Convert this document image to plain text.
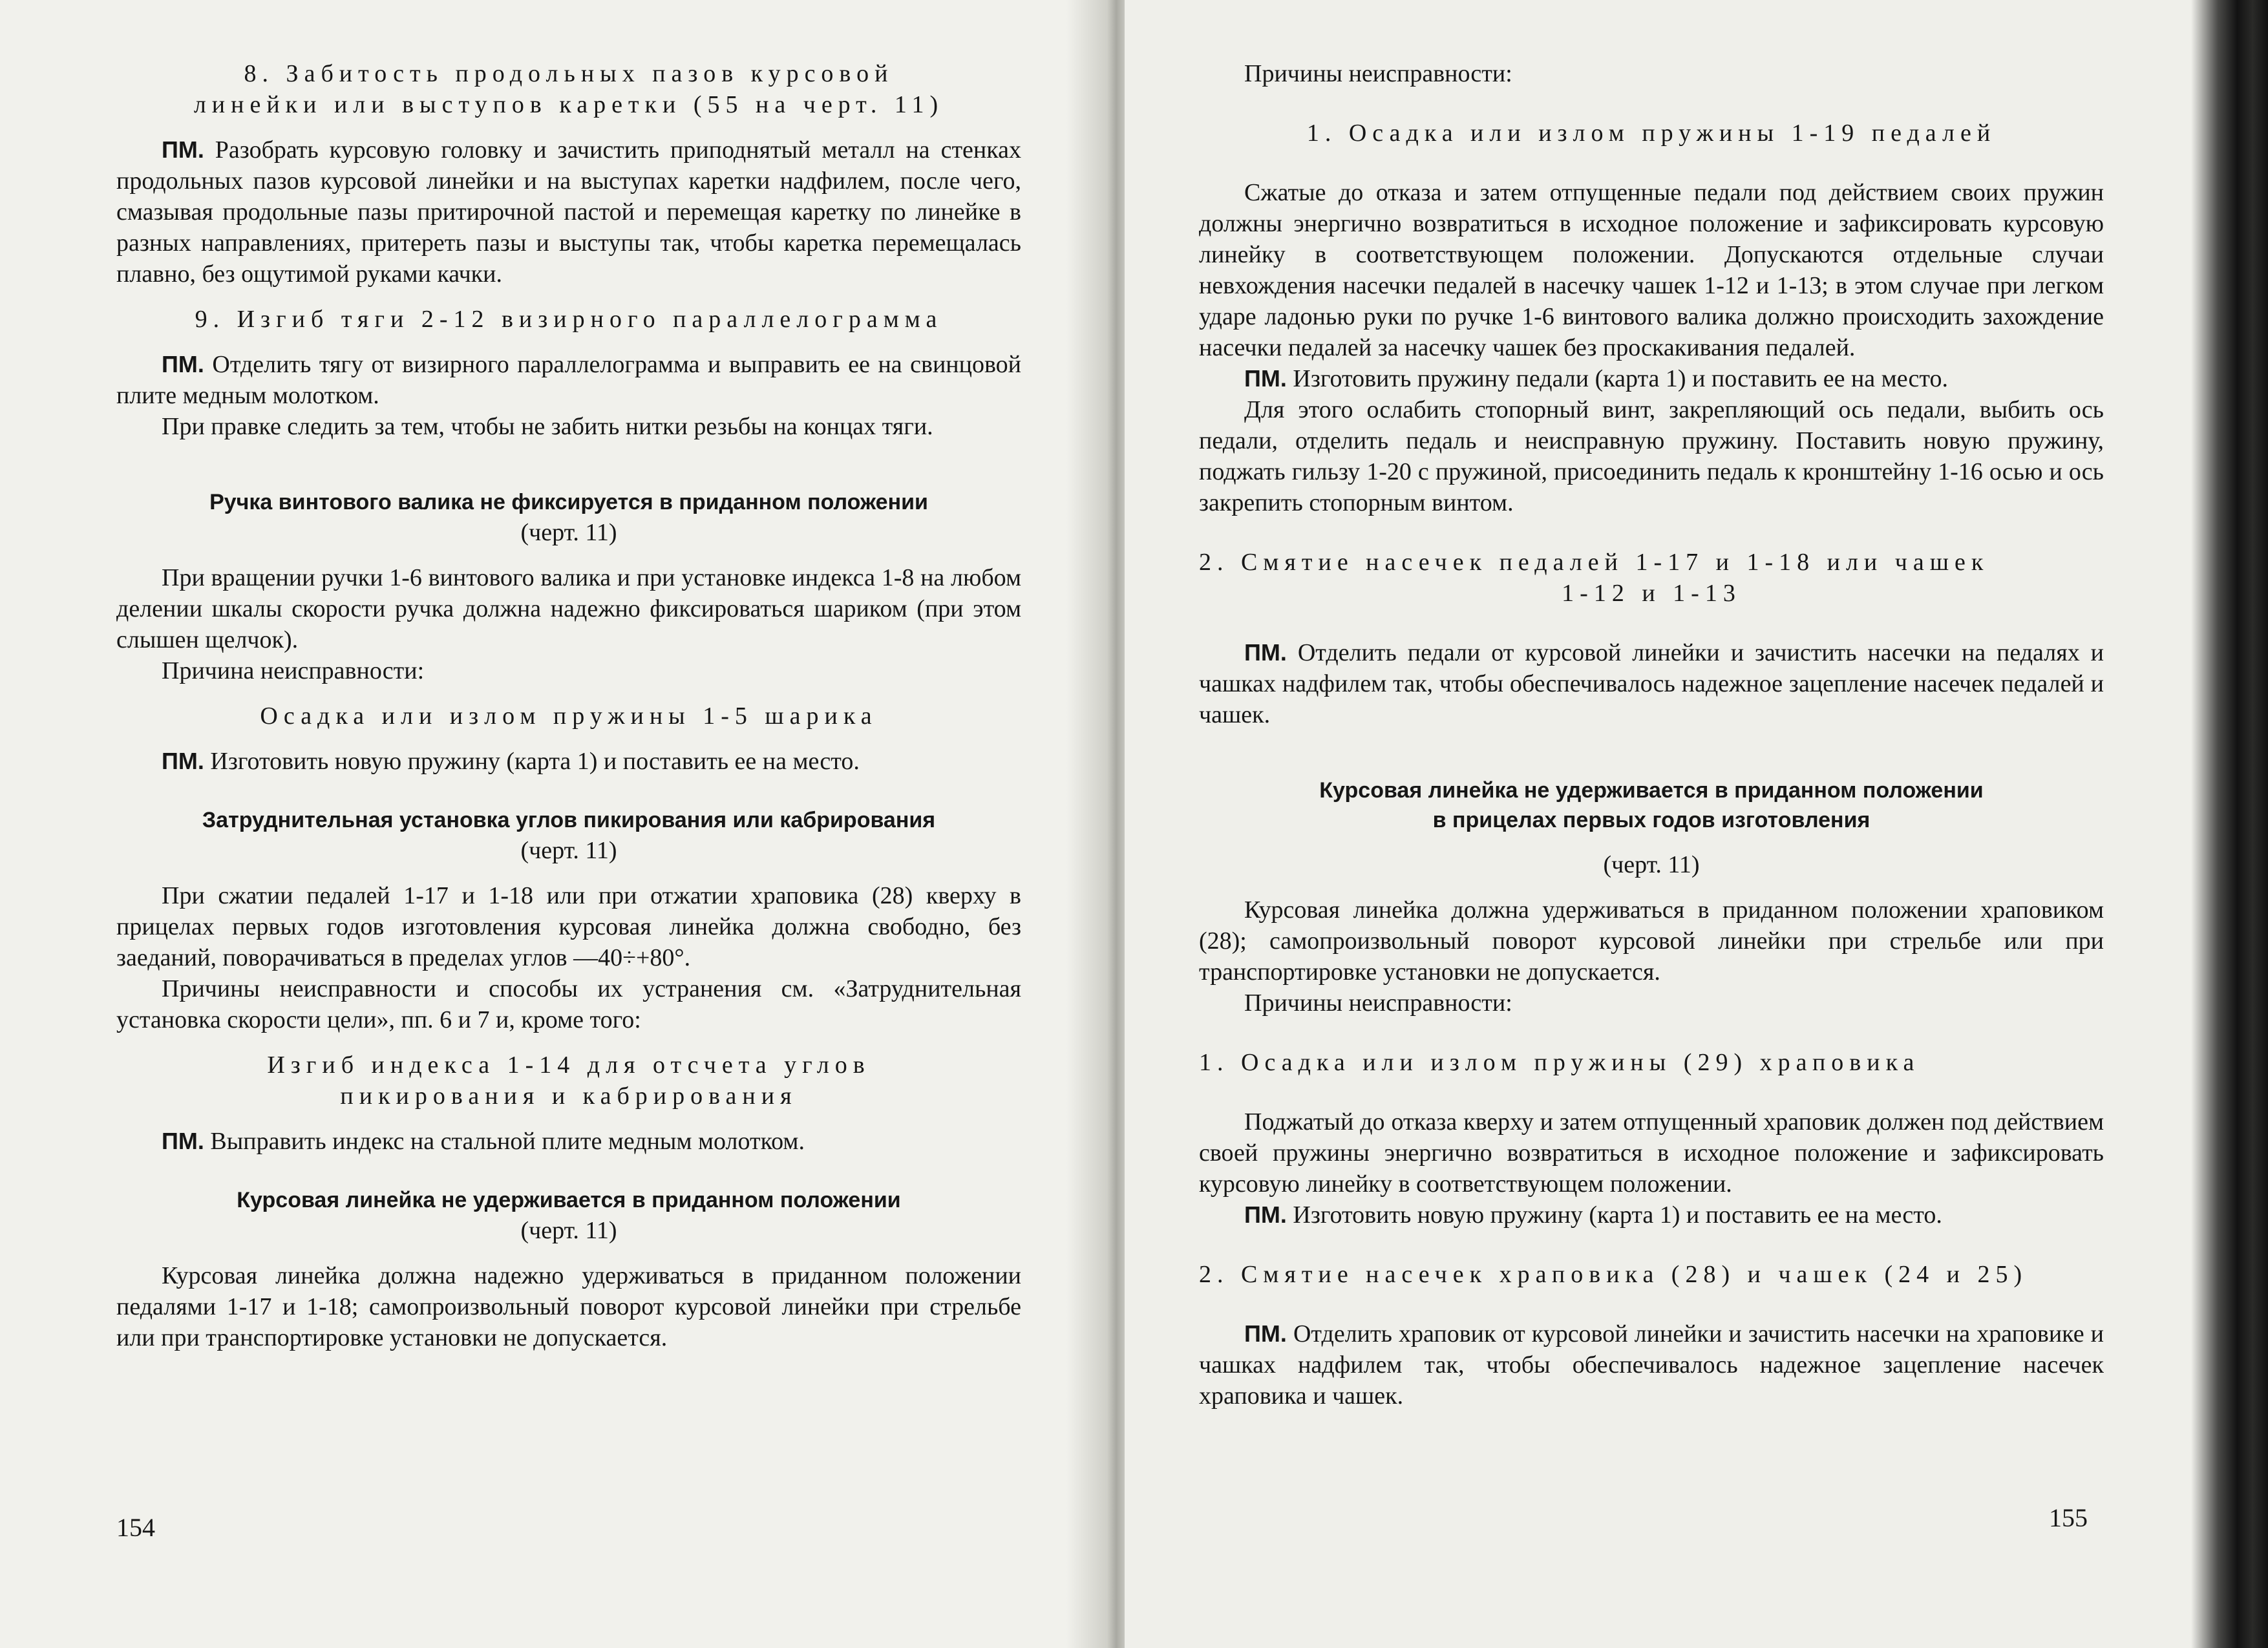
8. Забитость продольных пазов курсовой

линейки или выступов каретки (55 на черт. 11)

ПМ. Разобрать курсовую головку и зачистить приподнятый металл на стенках продольных пазов курсовой линейки и на выступах каретки надфилем, после чего, смазывая продольные пазы притирочной пастой и перемещая каретку по линейке в разных направлениях, притереть пазы и выступы так, чтобы каретка перемещалась плавно, без ощутимой руками качки.

9. Изгиб тяги 2-12 визирного параллелограмма

ПМ. Отделить тягу от визирного параллелограмма и выправить ее на свинцовой плите медным молотком.

При правке следить за тем, чтобы не забить нитки резьбы на концах тяги.

Ручка винтового валика не фиксируется в приданном положении

(черт. 11)

При вращении ручки 1-6 винтового валика и при установке индекса 1-8 на любом делении шкалы скорости ручка должна надежно фиксироваться шариком (при этом слышен щелчок).

Причина неисправности:

Осадка или излом пружины 1-5 шарика

ПМ. Изготовить новую пружину (карта 1) и поставить ее на место.

Затруднительная установка углов пикирования или кабрирования

(черт. 11)

При сжатии педалей 1-17 и 1-18 или при отжатии храповика (28) кверху в прицелах первых годов изготовления курсовая линейка должна свободно, без заеданий, поворачиваться в пределах углов —40÷+80°.

Причины неисправности и способы их устранения см. «Затруднительная установка скорости цели», пп. 6 и 7 и, кроме того:

Изгиб индекса 1-14 для отсчета углов

пикирования и кабрирования

ПМ. Выправить индекс на стальной плите медным молотком.

Курсовая линейка не удерживается в приданном положении

(черт. 11)

Курсовая линейка должна надежно удерживаться в приданном положении педалями 1-17 и 1-18; самопроизвольный поворот курсовой линейки при стрельбе или при транспортировке установки не допускается.

154

Причины неисправности:

1. Осадка или излом пружины 1-19 педалей

Сжатые до отказа и затем отпущенные педали под действием своих пружин должны энергично возвратиться в исходное положение и зафиксировать курсовую линейку в соответствующем положении. Допускаются отдельные случаи невхождения насечки педалей в насечку чашек 1-12 и 1-13; в этом случае при легком ударе ладонью руки по ручке 1-6 винтового валика должно происходить захождение насечки педалей за насечку чашек без проскакивания педалей.

ПМ. Изготовить пружину педали (карта 1) и поставить ее на место.

Для этого ослабить стопорный винт, закрепляющий ось педали, выбить ось педали, отделить педаль и неисправную пружину. Поставить новую пружину, поджать гильзу 1-20 с пружиной, присоединить педаль к кронштейну 1-16 осью и ось закрепить стопорным винтом.

2. Смятие насечек педалей 1-17 и 1-18 или чашек

1-12 и 1-13

ПМ. Отделить педали от курсовой линейки и зачистить насечки на педалях и чашках надфилем так, чтобы обеспечивалось надежное зацепление насечек педалей и чашек.

Курсовая линейка не удерживается в приданном положении

в прицелах первых годов изготовления

(черт. 11)

Курсовая линейка должна удерживаться в приданном положении храповиком (28); самопроизвольный поворот курсовой линейки при стрельбе или при транспортировке установки не допускается.

Причины неисправности:

1. Осадка или излом пружины (29) храповика

Поджатый до отказа кверху и затем отпущенный храповик должен под действием своей пружины энергично возвратиться в исходное положение и зафиксировать курсовую линейку в соответствующем положении.

ПМ. Изготовить новую пружину (карта 1) и поставить ее на место.

2. Смятие насечек храповика (28) и чашек (24 и 25)

ПМ. Отделить храповик от курсовой линейки и зачистить насечки на храповике и чашках надфилем так, чтобы обеспечивалось надежное зацепление насечек храповика и чашек.

155
